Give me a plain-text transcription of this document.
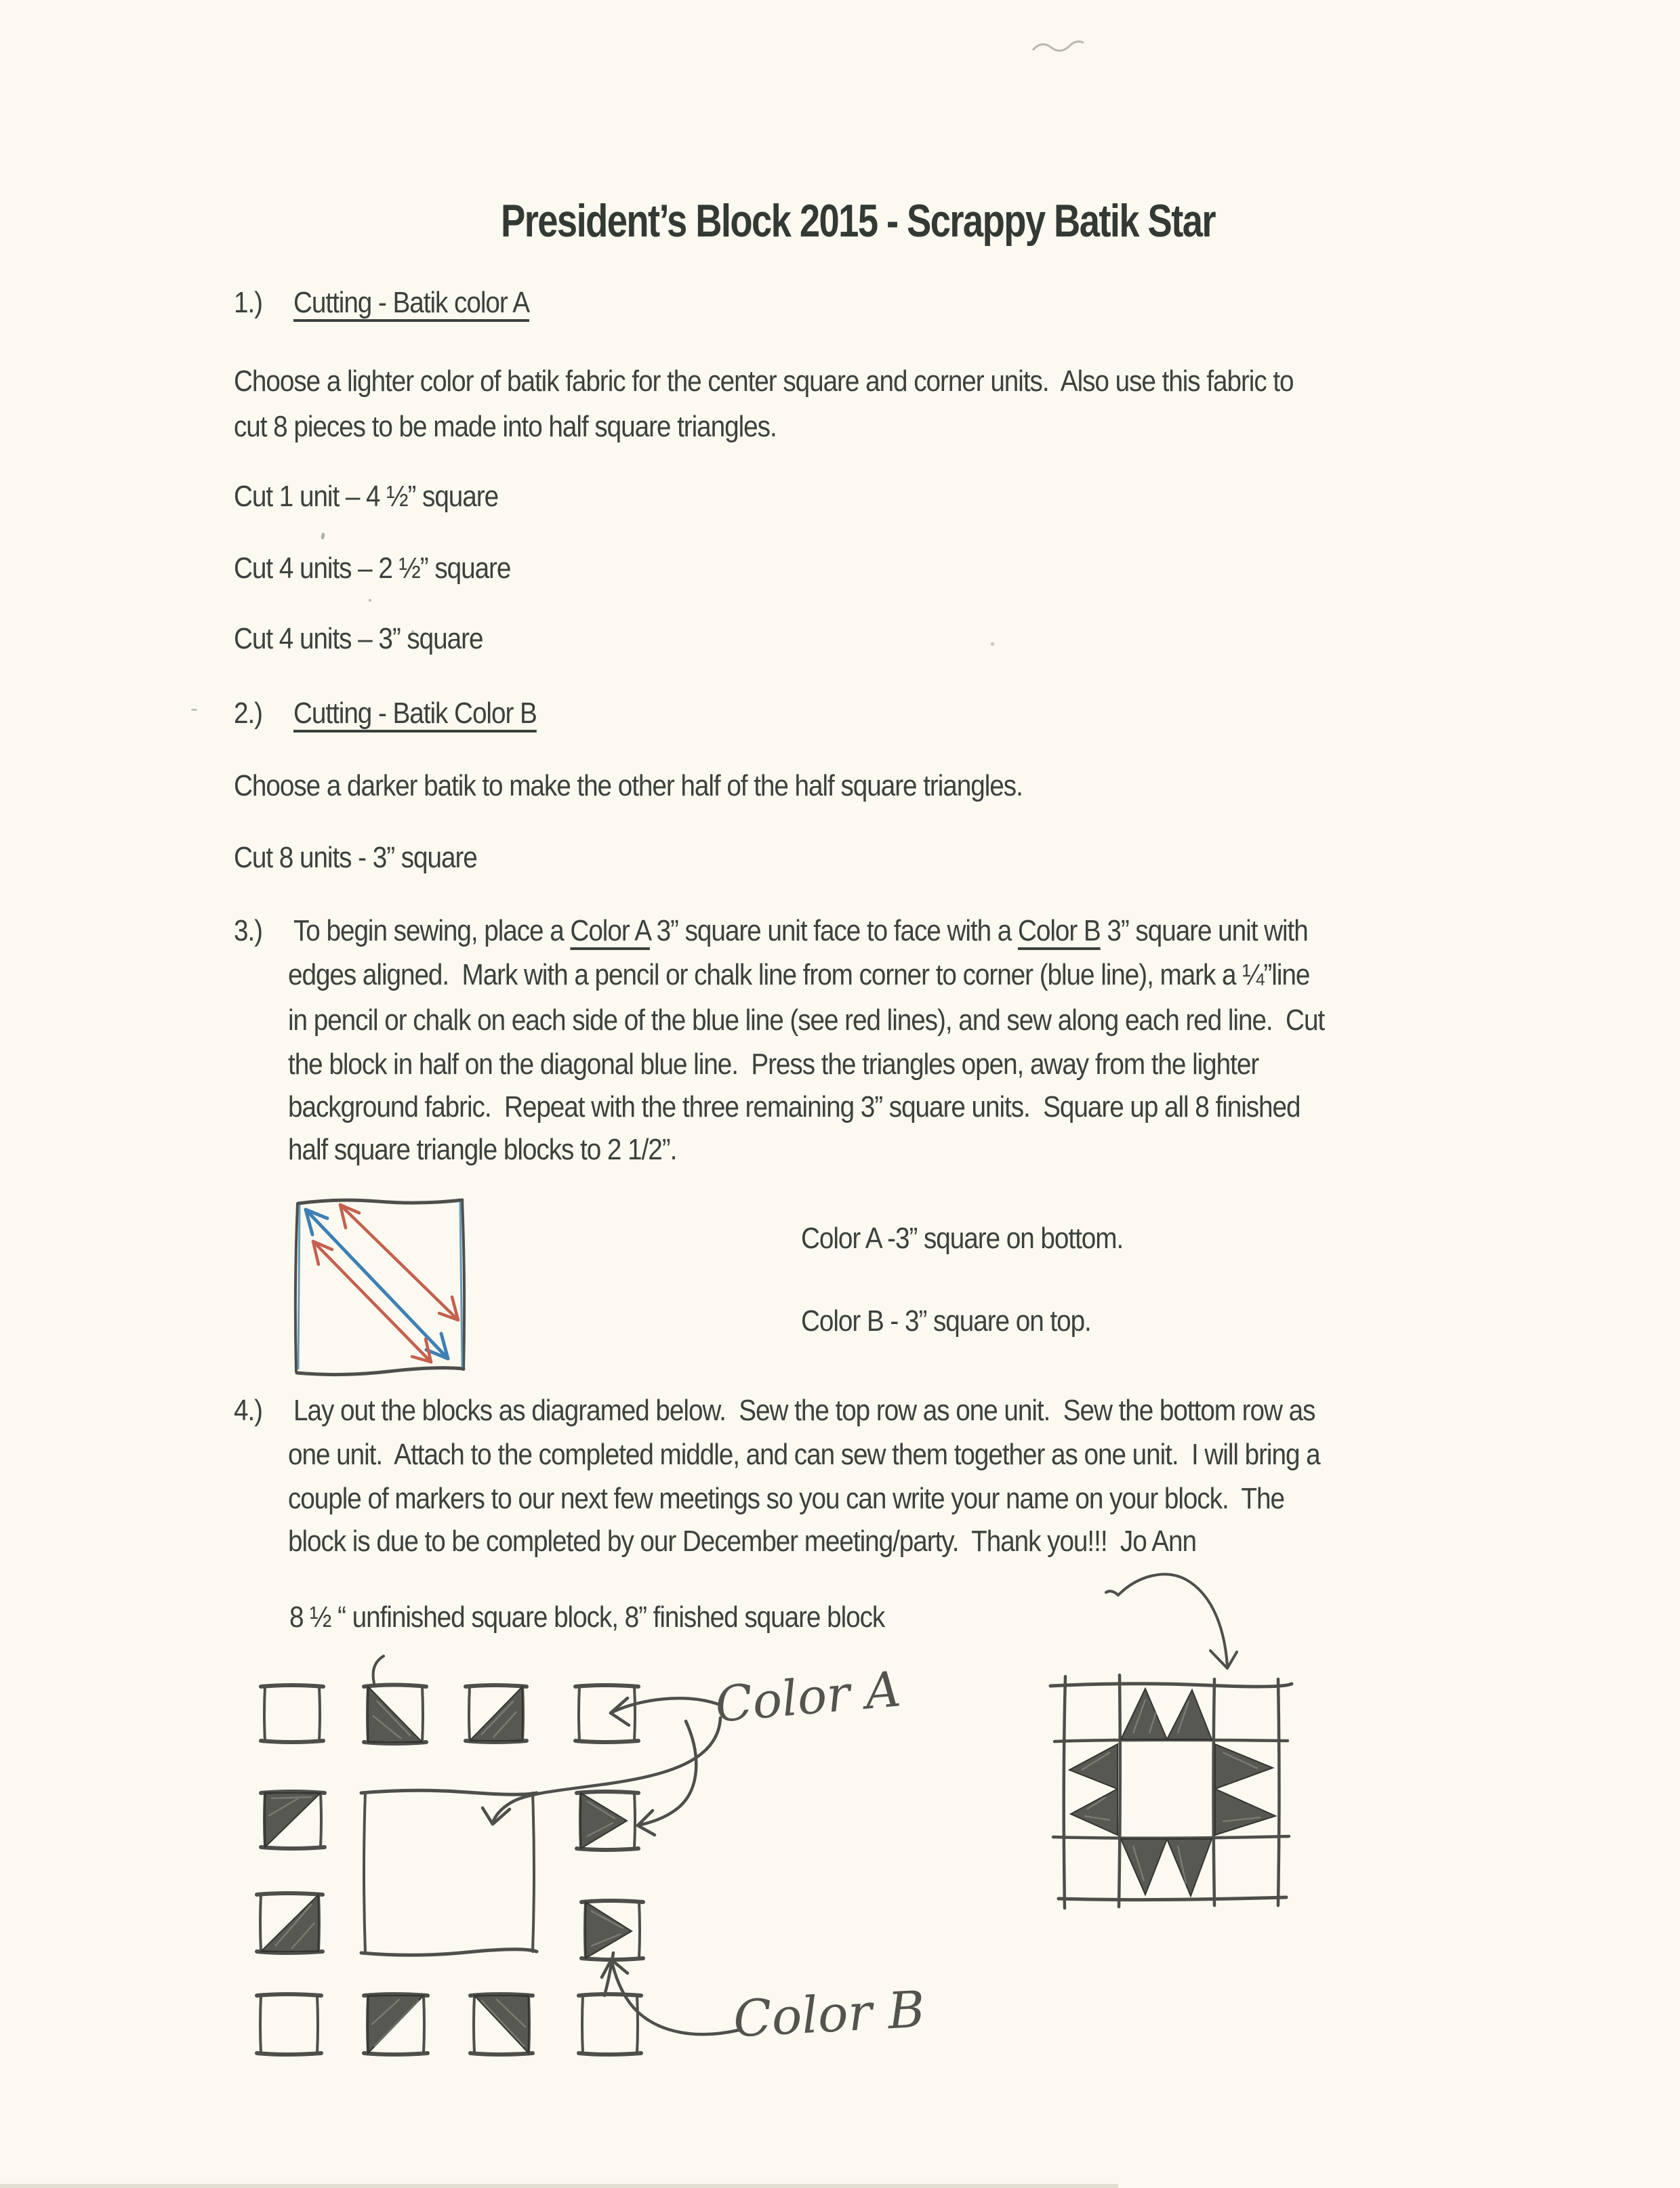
President’s Block 2015 - Scrappy Batik Star
1.) Cutting - Batik color A
Choose a lighter color of batik fabric for the center square and corner units.  Also use this fabric to
cut 8 pieces to be made into half square triangles.
Cut 1 unit – 4 ½” square
Cut 4 units – 2 ½” square
Cut 4 units – 3” square
2.) Cutting - Batik Color B
Choose a darker batik to make the other half of the half square triangles.
Cut 8 units - 3” square
3.) To begin sewing, place a Color A 3” square unit face to face with a Color B 3” square unit with
edges aligned.  Mark with a pencil or chalk line from corner to corner (blue line), mark a ¼”line
in pencil or chalk on each side of the blue line (see red lines), and sew along each red line.  Cut
the block in half on the diagonal blue line.  Press the triangles open, away from the lighter
background fabric.  Repeat with the three remaining 3” square units.  Square up all 8 finished
half square triangle blocks to 2 1/2”.
Color A -3” square on bottom.
Color B - 3” square on top.
4.) Lay out the blocks as diagramed below.  Sew the top row as one unit.  Sew the bottom row as
one unit.  Attach to the completed middle, and can sew them together as one unit.  I will bring a
couple of markers to our next few meetings so you can write your name on your block.  The
block is due to be completed by our December meeting/party.  Thank you!!!  Jo Ann
8 ½ “ unfinished square block, 8” finished square block
Color A
Color B
